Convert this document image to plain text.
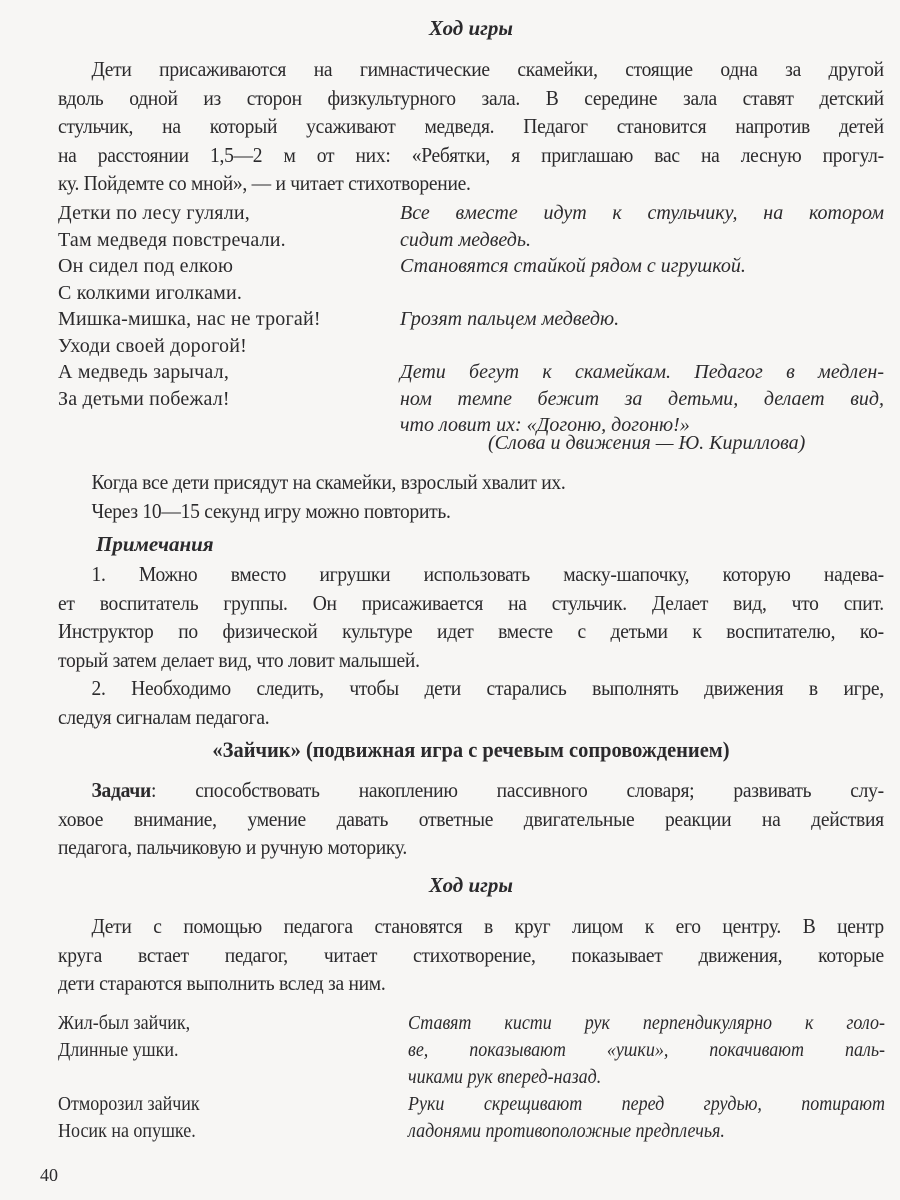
Ход игры
Дети присаживаются на гимнастические скамейки, стоящие одна за другой
вдоль одной из сторон физкультурного зала. В середине зала ставят детский
стульчик, на который усаживают медведя. Педагог становится напротив детей
на расстоянии 1,5—2 м от них: «Ребятки, я приглашаю вас на лесную прогул-
ку. Пойдемте со мной», — и читает стихотворение.
Детки по лесу гуляли,
Там медведя повстречали.
Он сидел под елкою
С колкими иголками.
Мишка-мишка, нас не трогай!
Уходи своей дорогой!
А медведь зарычал,
За детьми побежал!
Все вместе идут к стульчику, на котором
сидит медведь.
Становятся стайкой рядом с игрушкой.

Грозят пальцем медведю.

Дети бегут к скамейкам. Педагог в медлен-
ном темпе бежит за детьми, делает вид,
что ловит их: «Догоню, догоню!»
(Слова и движения — Ю. Кириллова)
Когда все дети присядут на скамейки, взрослый хвалит их.
Через 10—15 секунд игру можно повторить.
Примечания
1. Можно вместо игрушки использовать маску-шапочку, которую надева-
ет воспитатель группы. Он присаживается на стульчик. Делает вид, что спит.
Инструктор по физической культуре идет вместе с детьми к воспитателю, ко-
торый затем делает вид, что ловит малышей.
2. Необходимо следить, чтобы дети старались выполнять движения в игре,
следуя сигналам педагога.
«Зайчик» (подвижная игра с речевым сопровождением)
Задачи: способствовать накоплению пассивного словаря; развивать слу-
ховое внимание, умение давать ответные двигательные реакции на действия
педагога, пальчиковую и ручную моторику.
Ход игры
Дети с помощью педагога становятся в круг лицом к его центру. В центр
круга встает педагог, читает стихотворение, показывает движения, которые
дети стараются выполнить вслед за ним.
Жил-был зайчик,
Длинные ушки.

Отморозил зайчик
Носик на опушке.
Ставят кисти рук перпендикулярно к голо-
ве, показывают «ушки», покачивают паль-
чиками рук вперед-назад.
Руки скрещивают перед грудью, потирают
ладонями противоположные предплечья.
40
